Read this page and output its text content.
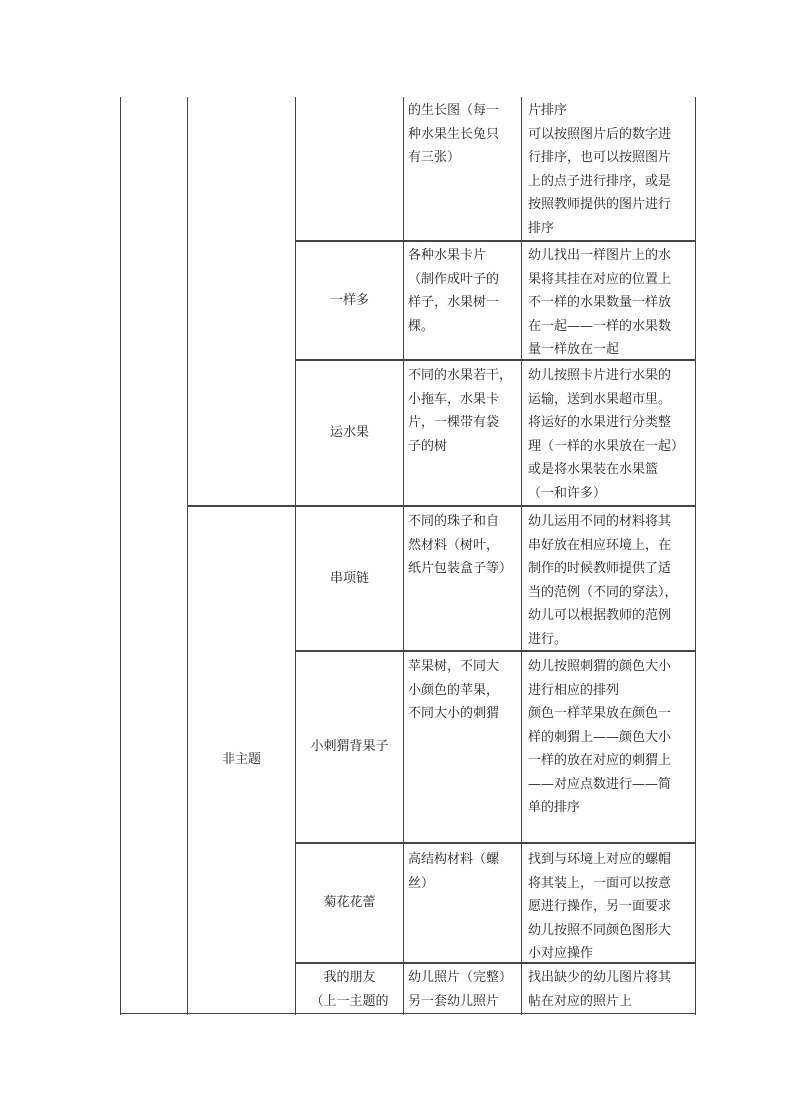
非主题
的生长图（每一
种水果生长兔只
有三张）
片排序
可以按照图片后的数字进
行排序，也可以按照图片
上的点子进行排序，或是
按照教师提供的图片进行
排序
一样多
各种水果卡片
（制作成叶子的
样子，水果树一
棵。
幼儿找出一样图片上的水
果将其挂在对应的位置上
不一样的水果数量一样放
在一起——一样的水果数
量一样放在一起
运水果
不同的水果若干，
小拖车，水果卡
片，一棵带有袋
子的树
幼儿按照卡片进行水果的
运输，送到水果超市里。
将运好的水果进行分类整
理（一样的水果放在一起）
或是将水果装在水果篮
（一和许多）
串项链
不同的珠子和自
然材料（树叶，
纸片包装盒子等）
幼儿运用不同的材料将其
串好放在相应环境上，在
制作的时候教师提供了适
当的范例（不同的穿法），
幼儿可以根据教师的范例
进行。
小刺猬背果子
苹果树，不同大
小颜色的苹果，
不同大小的刺猬
幼儿按照刺猬的颜色大小
进行相应的排列
颜色一样苹果放在颜色一
样的刺猬上——颜色大小
一样的放在对应的刺猬上
——对应点数进行——简
单的排序
菊花花蕾
高结构材料（螺
丝）
找到与环境上对应的螺帽
将其装上，一面可以按意
愿进行操作，另一面要求
幼儿按照不同颜色图形大
小对应操作
我的朋友
（上一主题的
幼儿照片（完整）
另一套幼儿照片
找出缺少的幼儿图片将其
帖在对应的照片上
